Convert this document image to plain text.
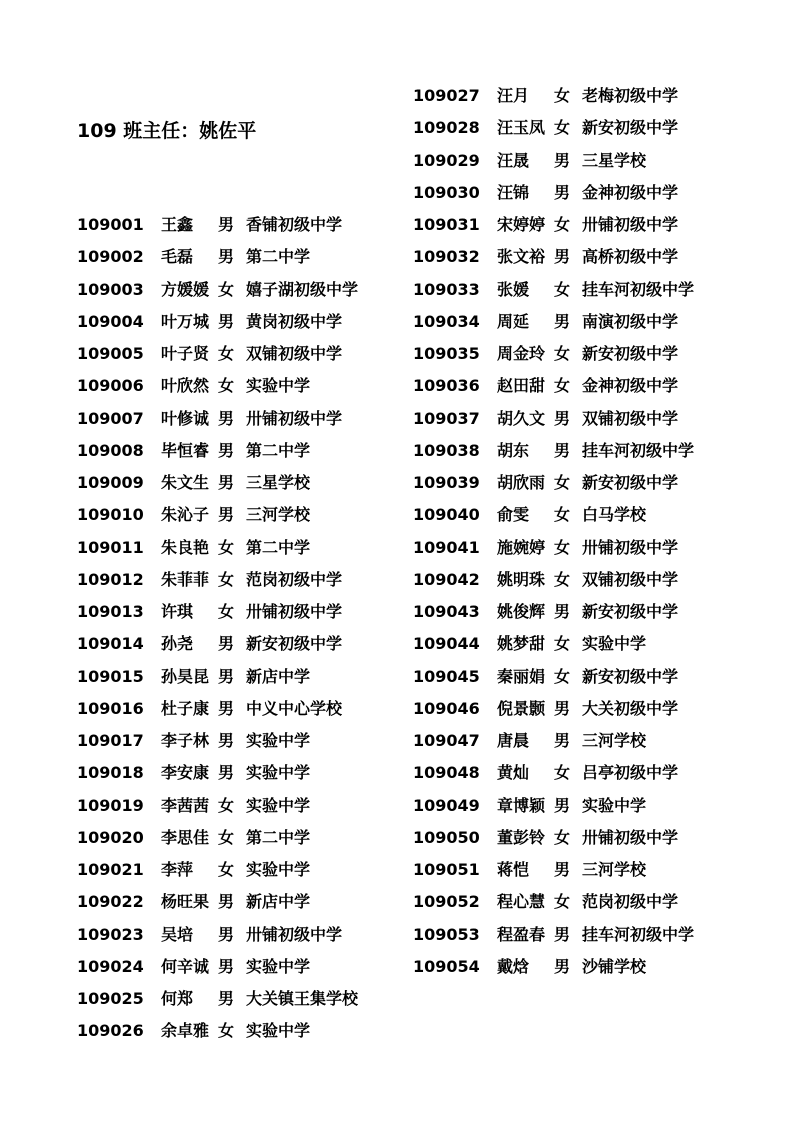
109 班主任：姚佐平
109001 王鑫 男 香铺初级中学
109002 毛磊 男 第二中学
109003 方媛媛 女 嬉子湖初级中学
109004 叶万城 男 黄岗初级中学
109005 叶子贤 女 双铺初级中学
109006 叶欣然 女 实验中学
109007 叶修诚 男 卅铺初级中学
109008 毕恒睿 男 第二中学
109009 朱文生 男 三星学校
109010 朱沁子 男 三河学校
109011 朱良艳 女 第二中学
109012 朱菲菲 女 范岗初级中学
109013 许琪 女 卅铺初级中学
109014 孙尧 男 新安初级中学
109015 孙昊昆 男 新店中学
109016 杜子康 男 中义中心学校
109017 李子林 男 实验中学
109018 李安康 男 实验中学
109019 李茜茜 女 实验中学
109020 李思佳 女 第二中学
109021 李萍 女 实验中学
109022 杨旺果 男 新店中学
109023 吴培 男 卅铺初级中学
109024 何辛诚 男 实验中学
109025 何郑 男 大关镇王集学校
109026 余卓雅 女 实验中学
109027 汪月 女 老梅初级中学
109028 汪玉凤 女 新安初级中学
109029 汪晟 男 三星学校
109030 汪锦 男 金神初级中学
109031 宋婷婷 女 卅铺初级中学
109032 张文裕 男 高桥初级中学
109033 张媛 女 挂车河初级中学
109034 周延 男 南演初级中学
109035 周金玲 女 新安初级中学
109036 赵田甜 女 金神初级中学
109037 胡久文 男 双铺初级中学
109038 胡东 男 挂车河初级中学
109039 胡欣雨 女 新安初级中学
109040 俞雯 女 白马学校
109041 施婉婷 女 卅铺初级中学
109042 姚明珠 女 双铺初级中学
109043 姚俊辉 男 新安初级中学
109044 姚梦甜 女 实验中学
109045 秦丽娟 女 新安初级中学
109046 倪景颢 男 大关初级中学
109047 唐晨 男 三河学校
109048 黄灿 女 吕亭初级中学
109049 章博颖 男 实验中学
109050 董彭铃 女 卅铺初级中学
109051 蒋恺 男 三河学校
109052 程心慧 女 范岗初级中学
109053 程盈春 男 挂车河初级中学
109054 戴焓 男 沙铺学校
